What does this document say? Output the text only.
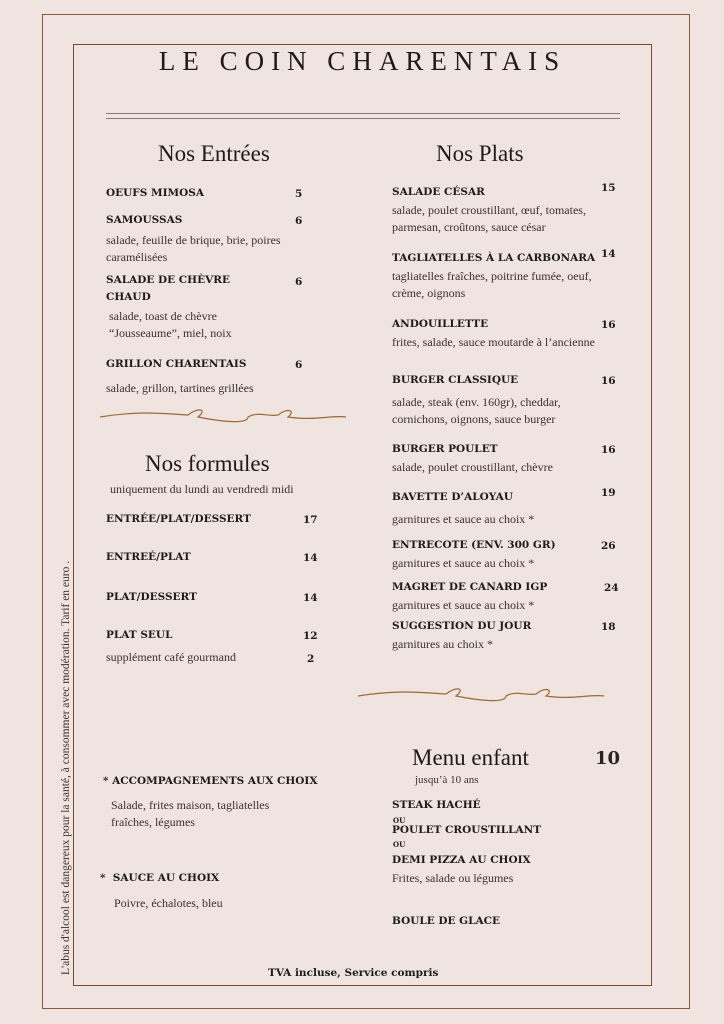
LE COIN CHARENTAIS
Nos Entrées
OEUFS MIMOSA	5
SAMOUSSAS	6
salade, feuille de brique, brie, poires caramélisées
SALADE DE CHÈVRE CHAUD
6
salade, toast de chèvre “Jousseaume”, miel, noix
GRILLON CHARENTAIS	6
salade, grillon, tartines grillées
Nos formules
uniquement du lundi au vendredi midi
ENTRÉE/PLAT/DESSERT	17
ENTREÉ/PLAT	14
PLAT/DESSERT	14
PLAT SEUL	12
supplément café gourmand	2
Nos Plats
SALADE CÉSAR	15
salade, poulet croustillant, œuf, tomates, parmesan, croûtons, sauce césar
TAGLIATELLES À LA CARBONARA 14
tagliatelles fraîches, poitrine fumée, oeuf, crème, oignons
ANDOUILLETTE	16
frites, salade, sauce moutarde à l’ancienne
BURGER CLASSIQUE	16
salade, steak (env. 160gr), cheddar, cornichons, oignons, sauce burger
BURGER POULET	16
salade, poulet croustillant, chèvre
BAVETTE D’ALOYAU	19
garnitures et sauce au choix *
ENTRECOTE (ENV. 300 GR)	26
garnitures et sauce au choix *
MAGRET DE CANARD IGP	24
garnitures et sauce au choix *
SUGGESTION DU JOUR	18
garnitures au choix *
Menu enfant	10
jusqu’à 10 ans
STEAK HACHÉ
OU
POULET CROUSTILLANT
OU
DEMI PIZZA AU CHOIX
Frites, salade ou légumes
BOULE DE GLACE
* ACCOMPAGNEMENTS AUX CHOIX
Salade, frites maison, tagliatelles fraîches, légumes
*  SAUCE AU CHOIX
Poivre, échalotes, bleu
TVA incluse, Service compris
L'abus d'alcool est dangereux pour la santé, à consommer avec modération. Tarif en euro .
